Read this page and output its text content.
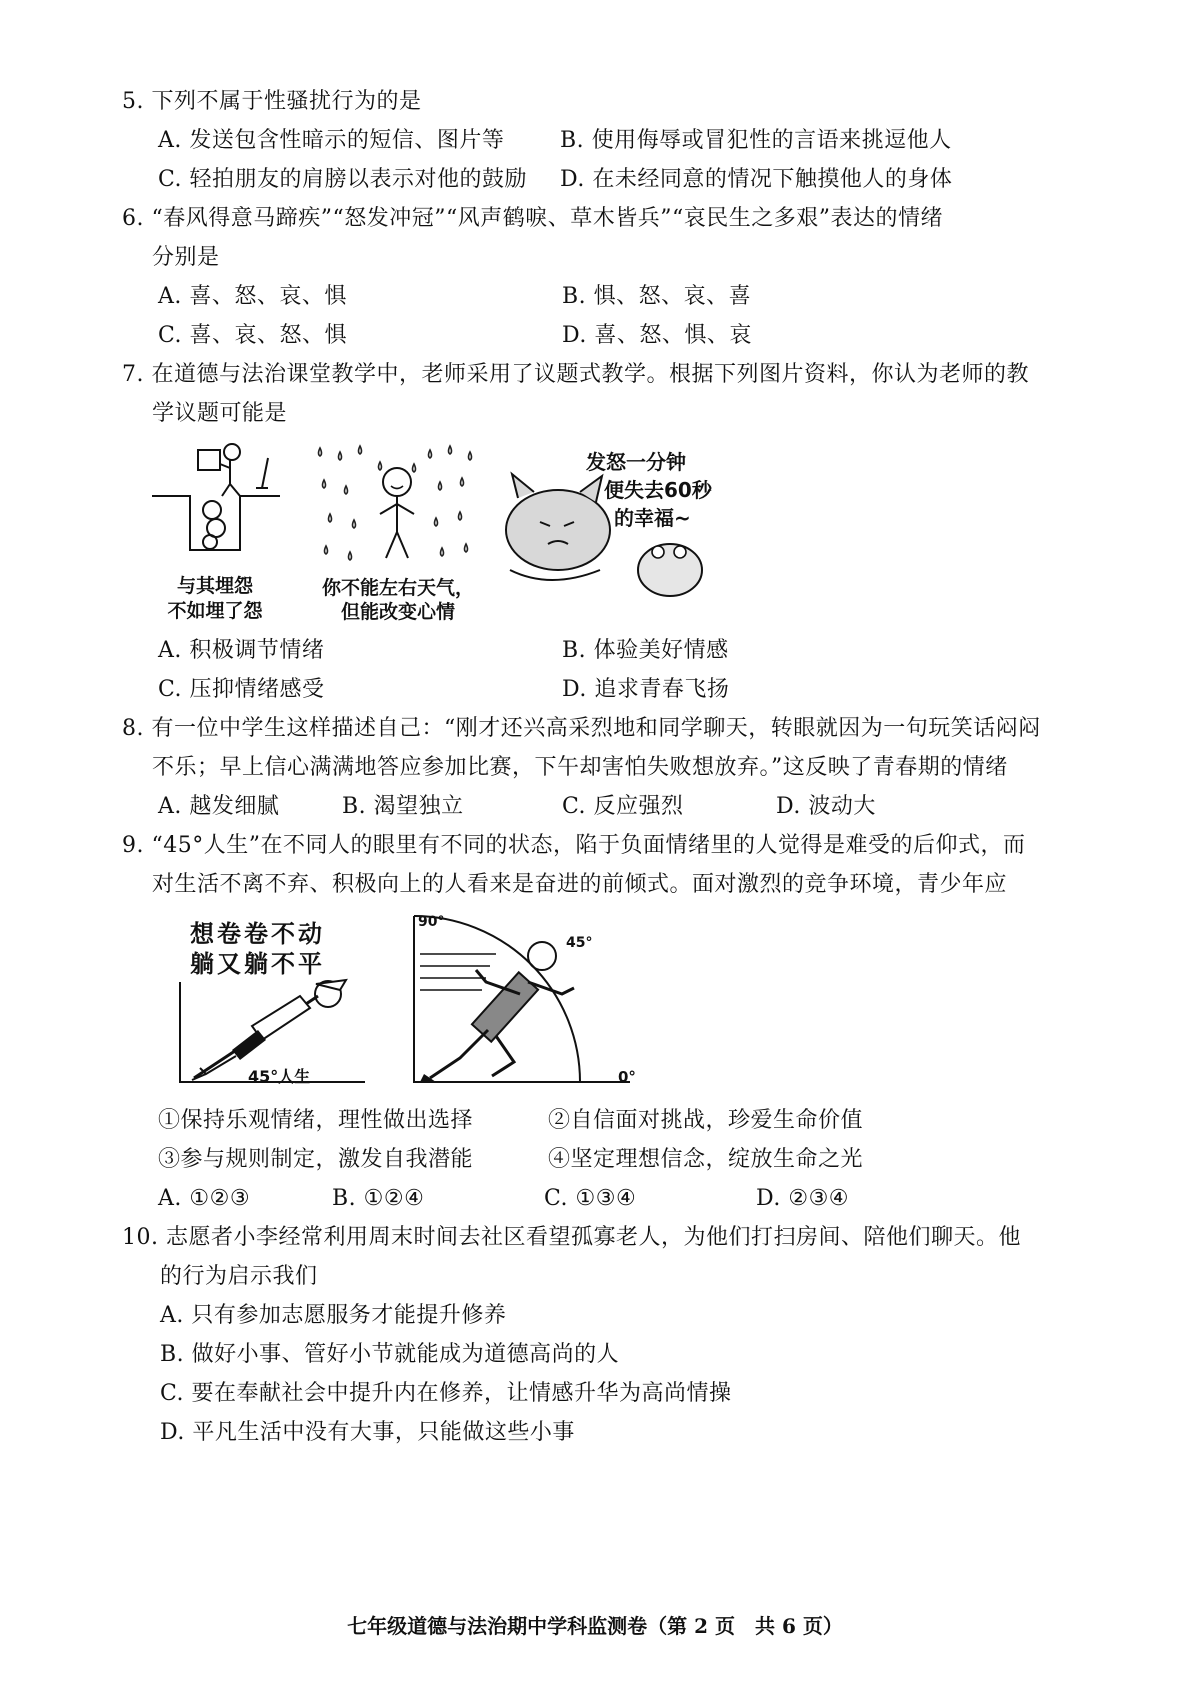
5. 下列不属于性骚扰行为的是
A. 发送包含性暗示的短信、图片等	B. 使用侮辱或冒犯性的言语来挑逗他人
C. 轻拍朋友的肩膀以表示对他的鼓励 D. 在未经同意的情况下触摸他人的身体
6. “春风得意马蹄疾”“怒发冲冠”“风声鹤唳、草木皆兵”“哀民生之多艰”表达的情绪
分别是
A. 喜、怒、哀、惧	B. 惧、怒、哀、喜
C. 喜、哀、怒、惧	D. 喜、怒、惧、哀
7. 在道德与法治课堂教学中，老师采用了议题式教学。根据下列图片资料，你认为老师的教
学议题可能是
与其埋怨
不如埋了怨
你不能左右天气，
但能改变心情
发怒一分钟
便失去60秒
的幸福~
A. 积极调节情绪	B. 体验美好情感
C. 压抑情绪感受	D. 追求青春飞扬
8. 有一位中学生这样描述自己：“刚才还兴高采烈地和同学聊天，转眼就因为一句玩笑话闷闷
不乐；早上信心满满地答应参加比赛，下午却害怕失败想放弃。”这反映了青春期的情绪
A. 越发细腻	B. 渴望独立	C. 反应强烈	D. 波动大
9. “45°人生”在不同人的眼里有不同的状态，陷于负面情绪里的人觉得是难受的后仰式，而
对生活不离不弃、积极向上的人看来是奋进的前倾式。面对激烈的竞争环境，青少年应
想卷卷不动
躺又躺不平
45°人生
90°
45°
0°
①保持乐观情绪，理性做出选择	②自信面对挑战，珍爱生命价值
③参与规则制定，激发自我潜能	④坚定理想信念，绽放生命之光
A. ①②③	B. ①②④	C. ①③④	D. ②③④
10. 志愿者小李经常利用周末时间去社区看望孤寡老人，为他们打扫房间、陪他们聊天。他
的行为启示我们
A. 只有参加志愿服务才能提升修养
B. 做好小事、管好小节就能成为道德高尚的人
C. 要在奉献社会中提升内在修养，让情感升华为高尚情操
D. 平凡生活中没有大事，只能做这些小事
七年级道德与法治期中学科监测卷（第 2 页　共 6 页）
